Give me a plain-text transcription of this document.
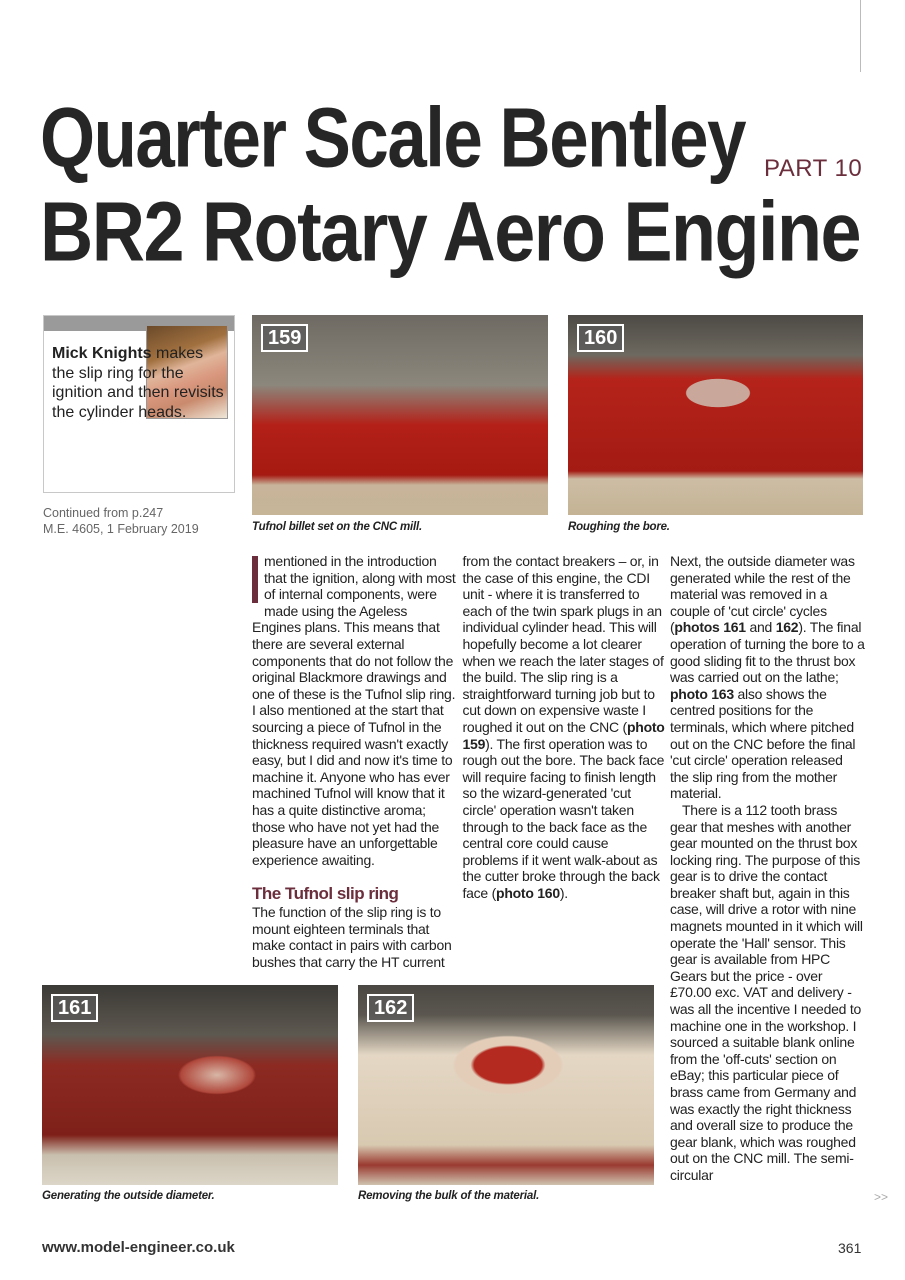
Quarter Scale Bentley
BR2 Rotary Aero Engine
PART 10
Mick Knights makes the slip ring for the ignition and then revisits the cylinder heads.
Continued from p.247
M.E. 4605, 1 February 2019
159
Tufnol billet set on the CNC mill.
160
Roughing the bore.
161
Generating the outside diameter.
162
Removing the bulk of the material.

mentioned in the introduction that the ignition, along with most of internal components, were made using the Ageless Engines plans. This means that there are several external components that do not follow the original Blackmore drawings and one of these is the Tufnol slip ring. I also mentioned at the start that sourcing a piece of Tufnol in the thickness required wasn't exactly easy, but I did and now it's time to machine it. Anyone who has ever machined Tufnol will know that it has a quite distinctive aroma; those who have not yet had the pleasure have an unforgettable experience awaiting.

The Tufnol slip ring

The function of the slip ring is to mount eighteen terminals that make contact in pairs with carbon bushes that carry the HT current from the contact breakers – or, in the case of this engine, the CDI unit - where it is transferred to each of the twin spark plugs in an individual cylinder head. This will hopefully become a lot clearer when we reach the later stages of the build. The slip ring is a straightforward turning job but to cut down on expensive waste I roughed it out on the CNC (photo 159). The first operation was to rough out the bore. The back face will require facing to finish length so the wizard-generated 'cut circle' operation wasn't taken through to the back face as the central core could cause problems if it went walk-about as the cutter broke through the back face (photo 160).

Next, the outside diameter was generated while the rest of the material was removed in a couple of 'cut circle' cycles (photos 161 and 162). The final operation of turning the bore to a good sliding fit to the thrust box was carried out on the lathe; photo 163 also shows the centred positions for the terminals, which where pitched out on the CNC before the final 'cut circle' operation released the slip ring from the mother material.

There is a 112 tooth brass gear that meshes with another gear mounted on the thrust box locking ring. The purpose of this gear is to drive the contact breaker shaft but, again in this case, will drive a rotor with nine magnets mounted in it which will operate the 'Hall' sensor. This gear is available from HPC Gears but the price - over £70.00 exc. VAT and delivery - was all the incentive I needed to machine one in the workshop. I sourced a suitable blank online from the 'off-cuts' section on eBay; this particular piece of brass came from Germany and was exactly the right thickness and overall size to produce the gear blank, which was roughed out on the CNC mill. The semi-circular

>>
www.model-engineer.co.uk	361
